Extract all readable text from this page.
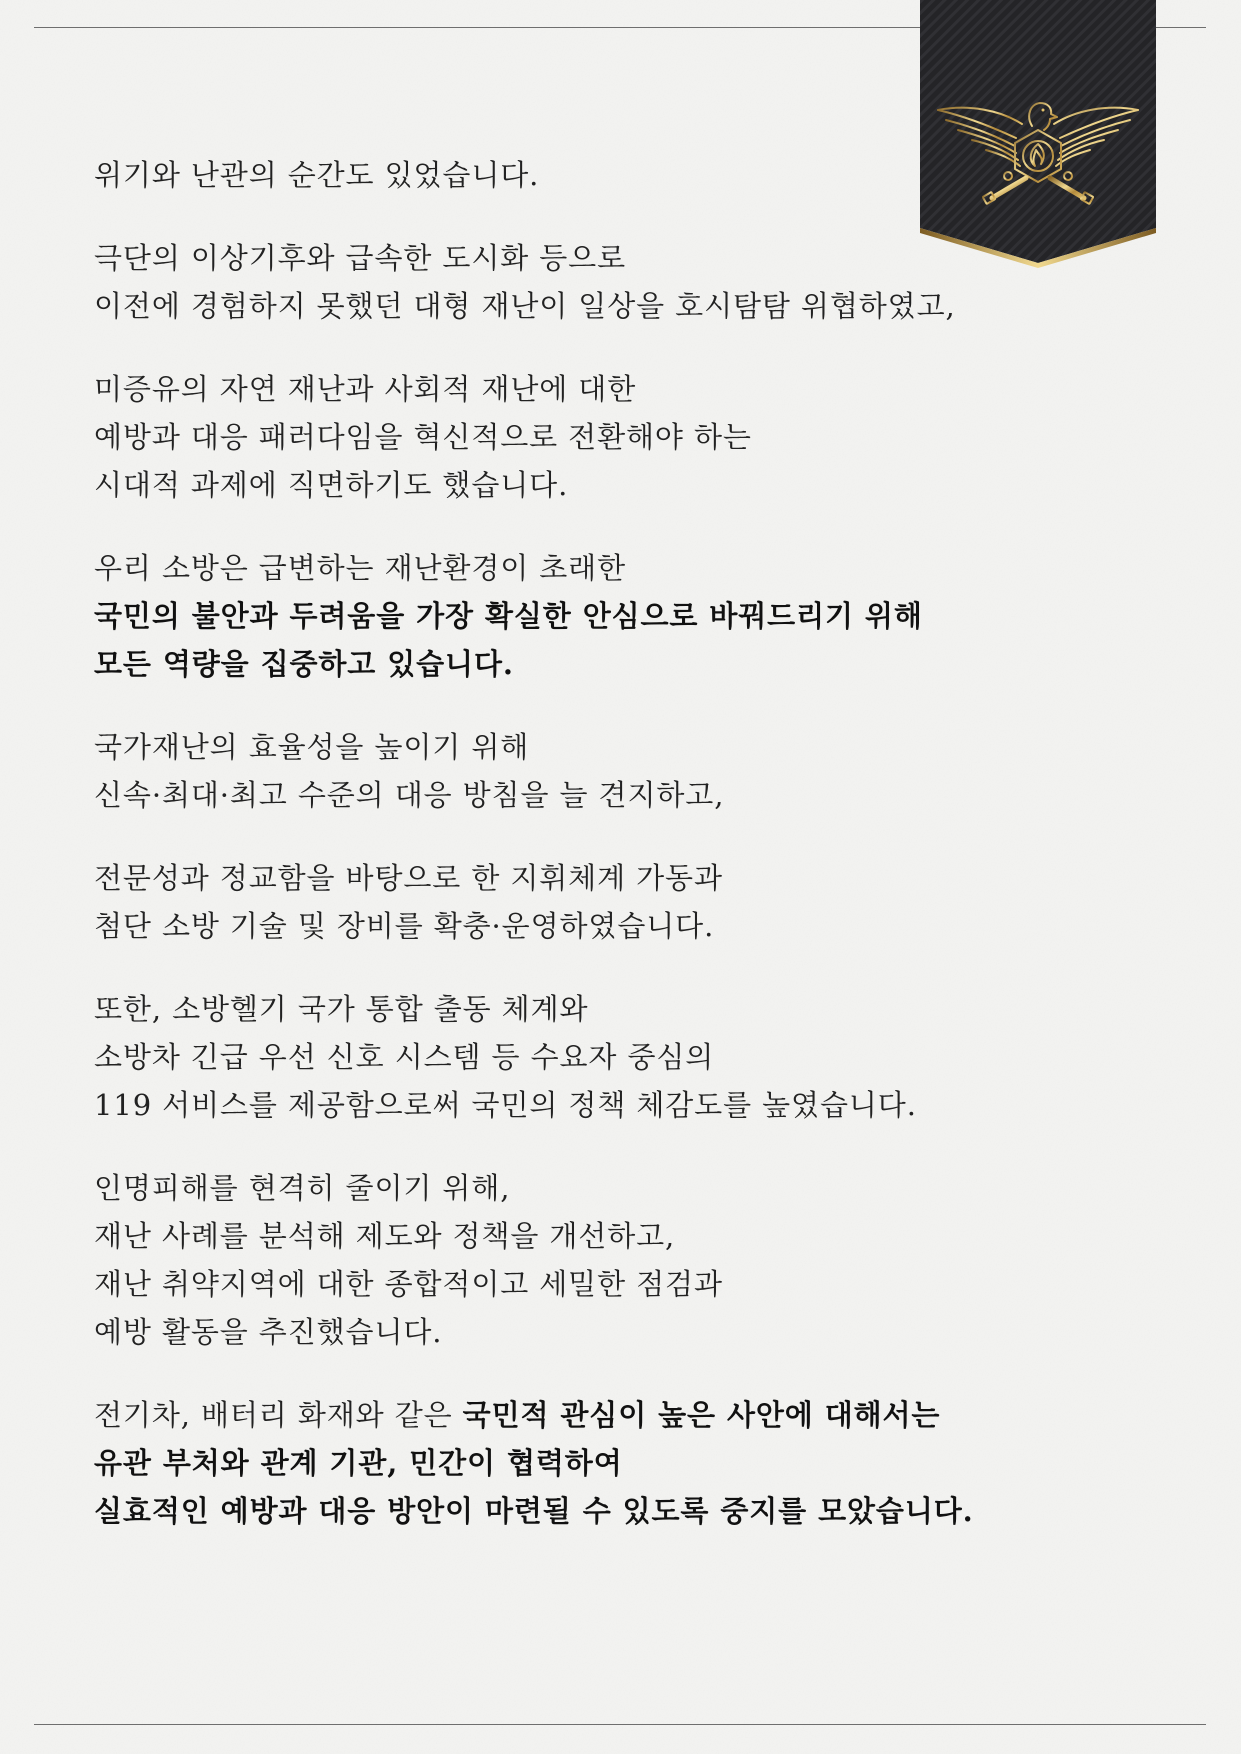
위기와 난관의 순간도 있었습니다.

극단의 이상기후와 급속한 도시화 등으로
이전에 경험하지 못했던 대형 재난이 일상을 호시탐탐 위협하였고,

미증유의 자연 재난과 사회적 재난에 대한
예방과 대응 패러다임을 혁신적으로 전환해야 하는
시대적 과제에 직면하기도 했습니다.

우리 소방은 급변하는 재난환경이 초래한
국민의 불안과 두려움을 가장 확실한 안심으로 바꿔드리기 위해
모든 역량을 집중하고 있습니다.

국가재난의 효율성을 높이기 위해
신속·최대·최고 수준의 대응 방침을 늘 견지하고,

전문성과 정교함을 바탕으로 한 지휘체계 가동과
첨단 소방 기술 및 장비를 확충·운영하였습니다.

또한, 소방헬기 국가 통합 출동 체계와
소방차 긴급 우선 신호 시스템 등 수요자 중심의
119 서비스를 제공함으로써 국민의 정책 체감도를 높였습니다.

인명피해를 현격히 줄이기 위해,
재난 사례를 분석해 제도와 정책을 개선하고,
재난 취약지역에 대한 종합적이고 세밀한 점검과
예방 활동을 추진했습니다.

전기차, 배터리 화재와 같은 국민적 관심이 높은 사안에 대해서는
유관 부처와 관계 기관, 민간이 협력하여
실효적인 예방과 대응 방안이 마련될 수 있도록 중지를 모았습니다.
